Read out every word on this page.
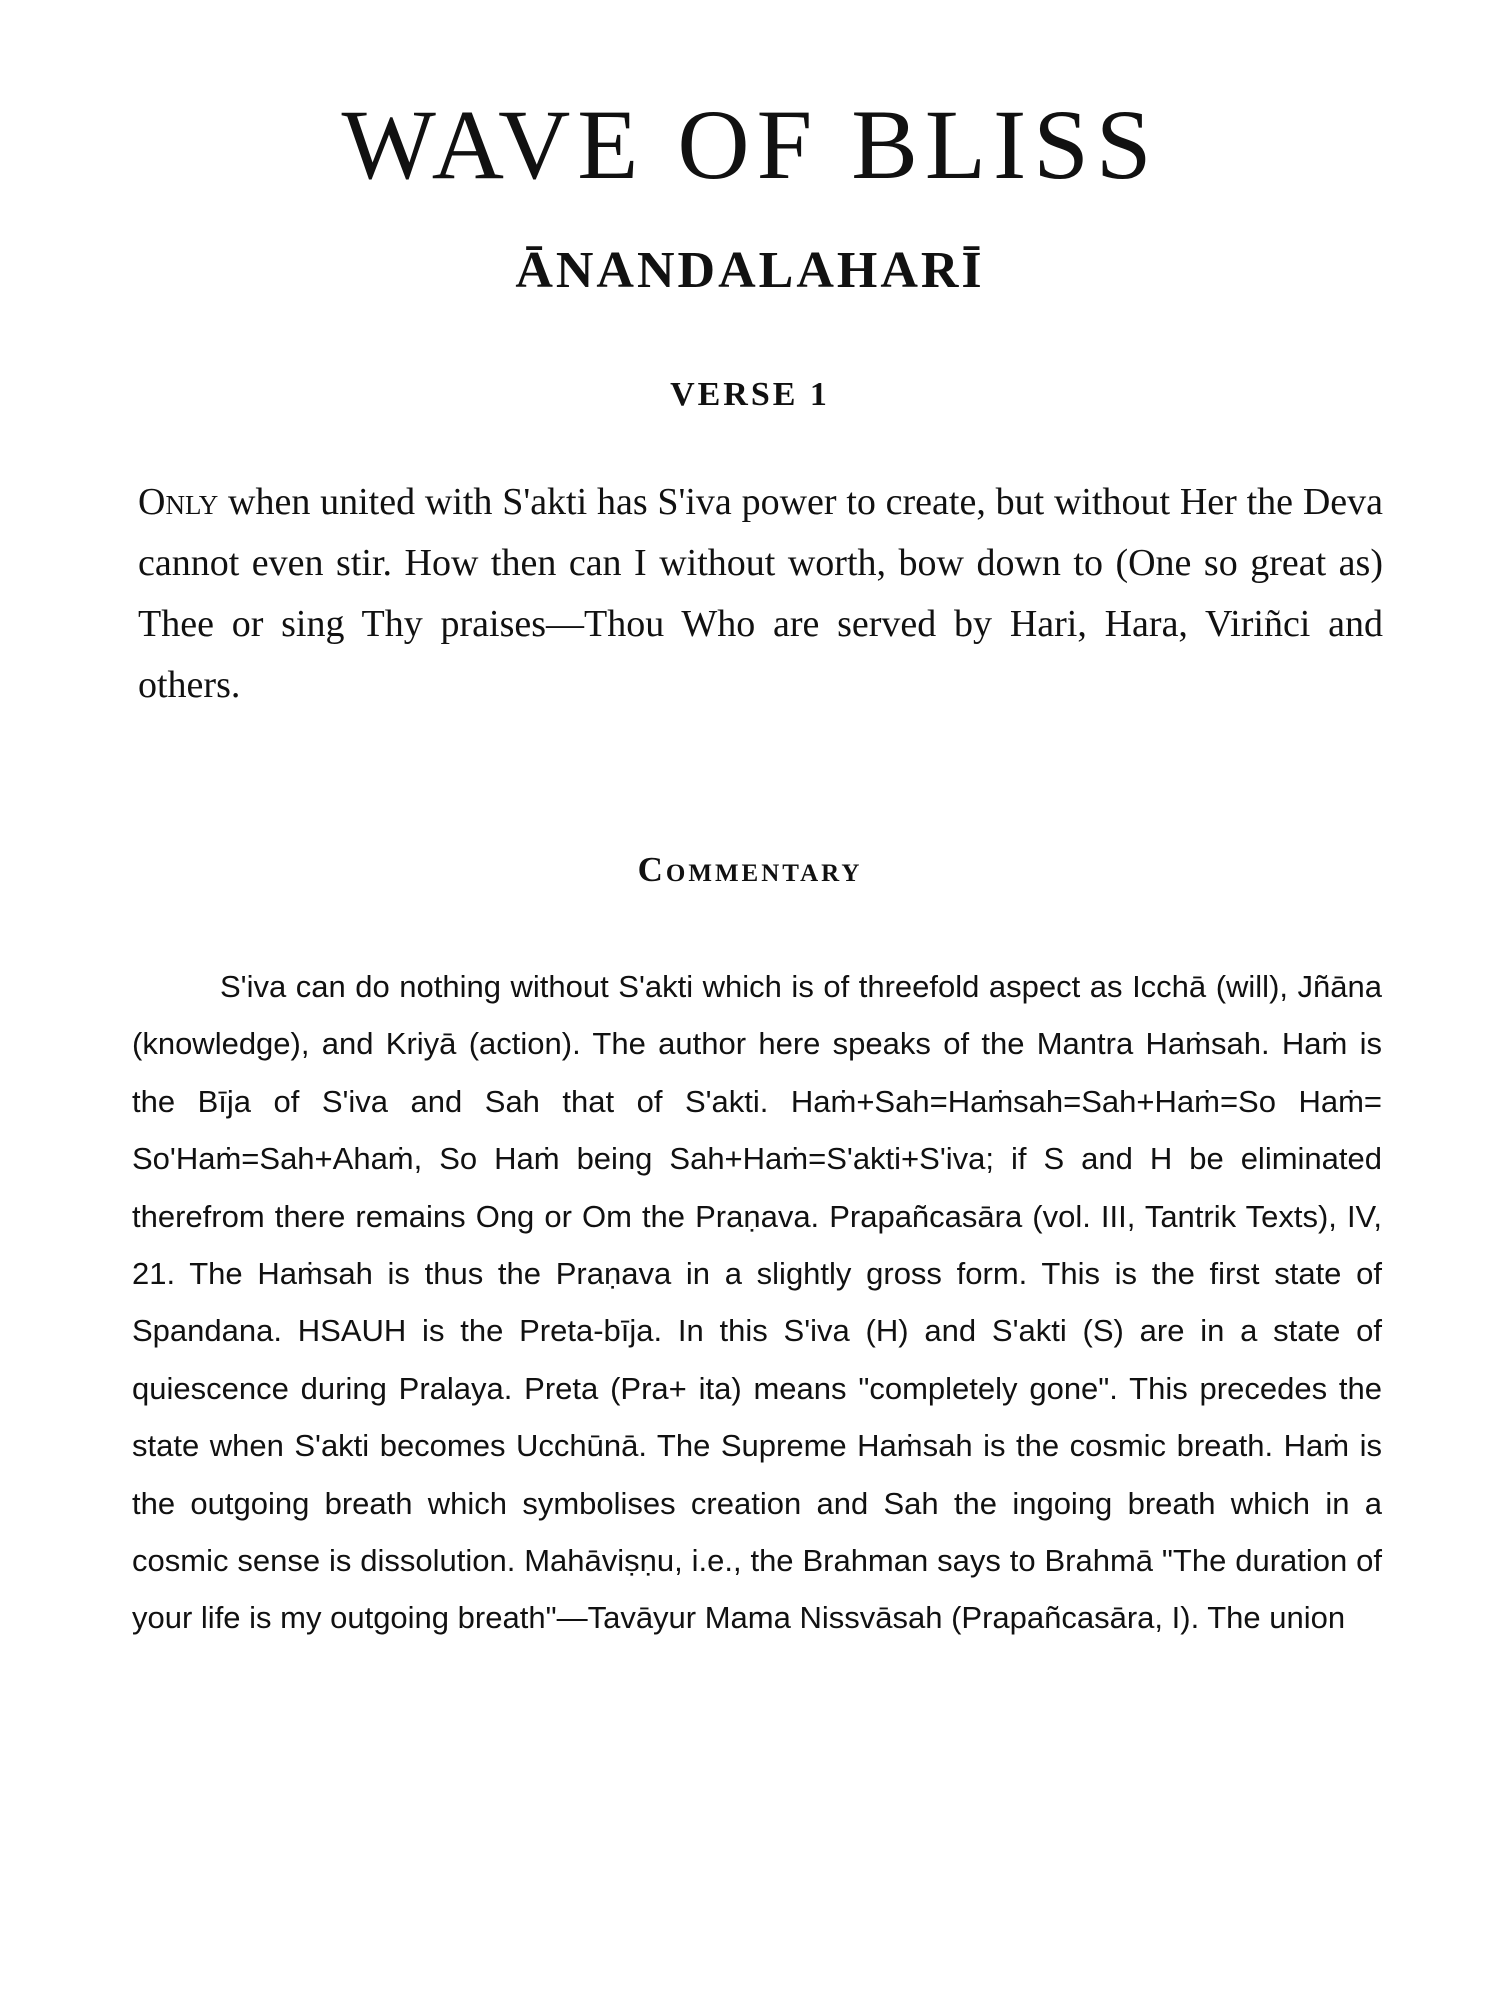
WAVE OF BLISS
ĀNANDALAHARĪ
VERSE 1

Only when united with S'akti has S'iva power to create, but without Her the Deva cannot even stir. How then can I without worth, bow down to (One so great as) Thee or sing Thy praises—Thou Who are served by Hari, Hara, Viriñci and others.

Commentary

S'iva can do nothing without S'akti which is of threefold aspect as Icchā (will), Jñāna (knowledge), and Kriyā (action). The author here speaks of the Mantra Haṁsah. Haṁ is the Bīja of S'iva and Sah that of S'akti. Haṁ+Sah=Haṁsah=Sah+Haṁ=So Haṁ= So'Haṁ=Sah+Ahaṁ, So Haṁ being Sah+Haṁ=S'akti+S'iva; if S and H be eliminated therefrom there remains Ong or Om the Praṇava. Prapañcasāra (vol. III, Tantrik Texts), IV, 21. The Haṁsah is thus the Praṇava in a slightly gross form. This is the first state of Spandana. HSAUH is the Preta-bīja. In this S'iva (H) and S'akti (S) are in a state of quiescence during Pralaya. Preta (Pra+ ita) means "completely gone". This precedes the state when S'akti becomes Ucchūnā. The Supreme Haṁsah is the cosmic breath. Haṁ is the outgoing breath which symbolises creation and Sah the ingoing breath which in a cosmic sense is dissolution. Mahāviṣṇu, i.e., the Brahman says to Brahmā "The duration of your life is my outgoing breath"—Tavāyur Mama Nissvāsah (Prapañcasāra, I). The union
